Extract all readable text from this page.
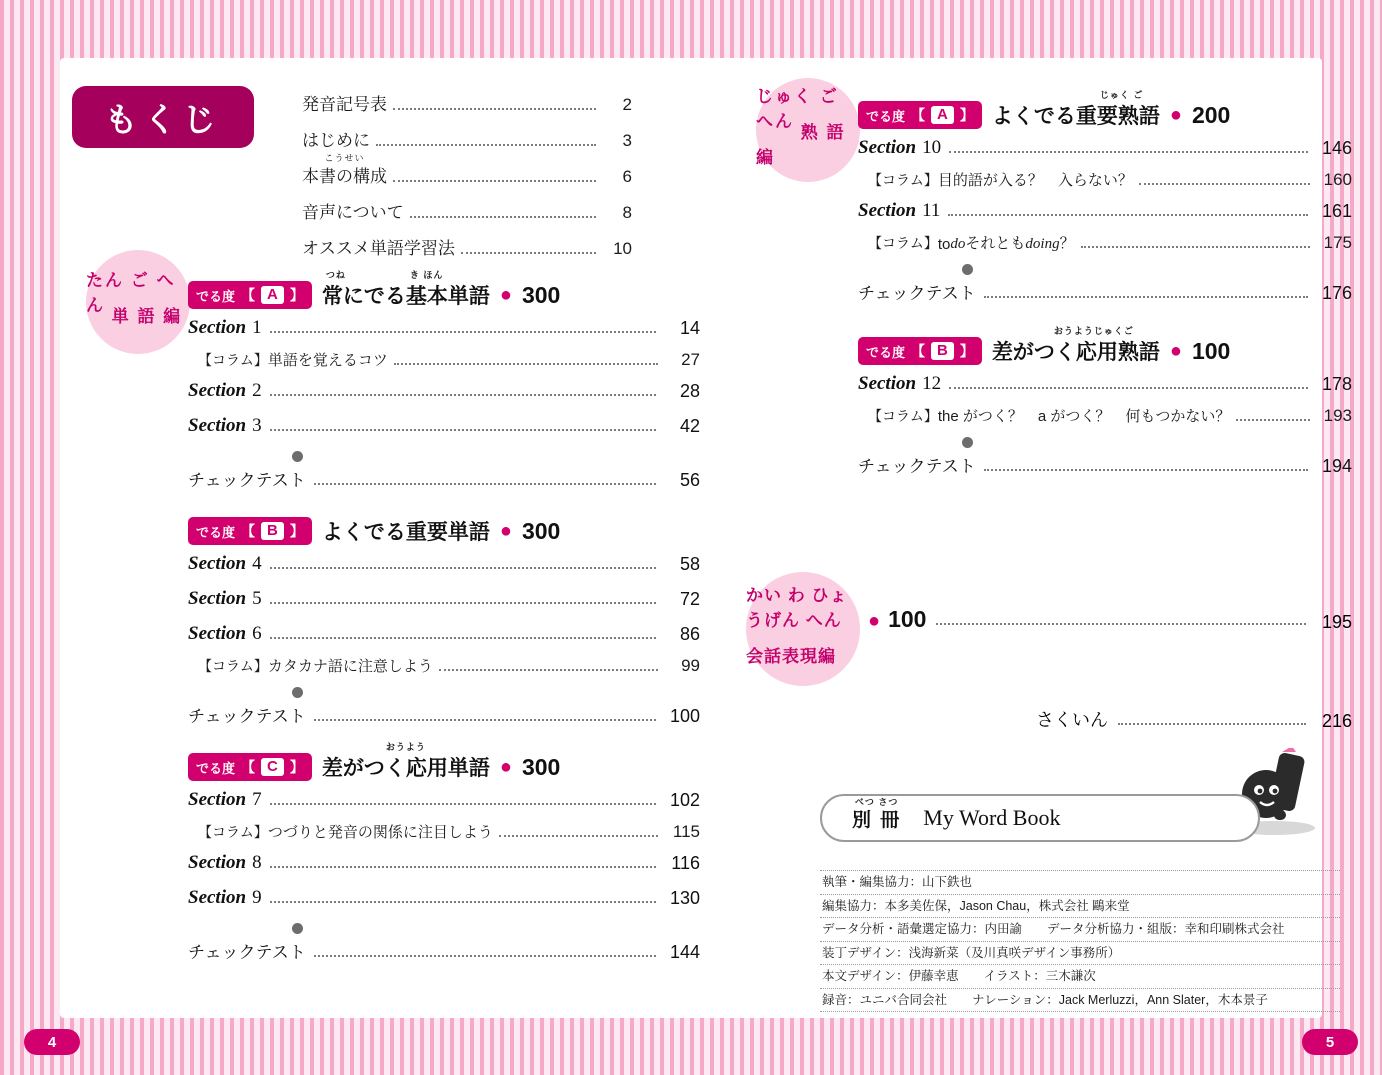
もくじ	発音記号表	2
はじめに	3
こうせい
本書の構成	6
音声について	8
オススメ単語学習法	10
たん ご へん 単 語 編
でる度 【 A 】
つね	き ほん
常にでる基本単語 ● 300
Section 1	14
【コラム】 単語を覚えるコツ	27
Section 2	28
Section 3	42
チェックテスト	56
でる度 【 B 】 よくでる重要単語 ● 300
Section 4	58
Section 5	72
Section 6	86
【コラム】 カタカナ語に注意しよう	99
チェックテスト	100
でる度 【 C 】
おうよう
差がつく応用単語 ● 300
Section 7	102
【コラム】 つづりと発音の関係に注目しよう	115
Section 8	116
Section 9	130
チェックテスト	144
じゅく ご へん 熟 語 編
でる度 【 A 】
じゅく ご
よくでる重要熟語 ● 200
Section 10	146
【コラム】 目的語が入る？　入らない？	160
Section 11	161
【コラム】 to do それとも doing ？	175
チェックテスト	176
でる度 【 B 】
おうようじゅくご
差がつく応用熟語 ● 100
Section 12	178
【コラム】 the がつく？　a がつく？　何もつかない？	193
チェックテスト	194
かい わ ひょうげん へん 会話表現編
● 100	195
さくいん	216
べつ さつ
別 冊 My Word Book
執筆・編集協力：山下鉄也
編集協力：本多美佐保，Jason Chau，株式会社 鷗来堂
データ分析・語彙選定協力：内田諭　　データ分析協力・組版：幸和印刷株式会社
装丁デザイン：浅海新菜（及川真咲デザイン事務所）
本文デザイン：伊藤幸恵　　イラスト：三木謙次
録音：ユニバ合同会社　　ナレーション：Jack Merluzzi，Ann Slater，木本景子
4	5
